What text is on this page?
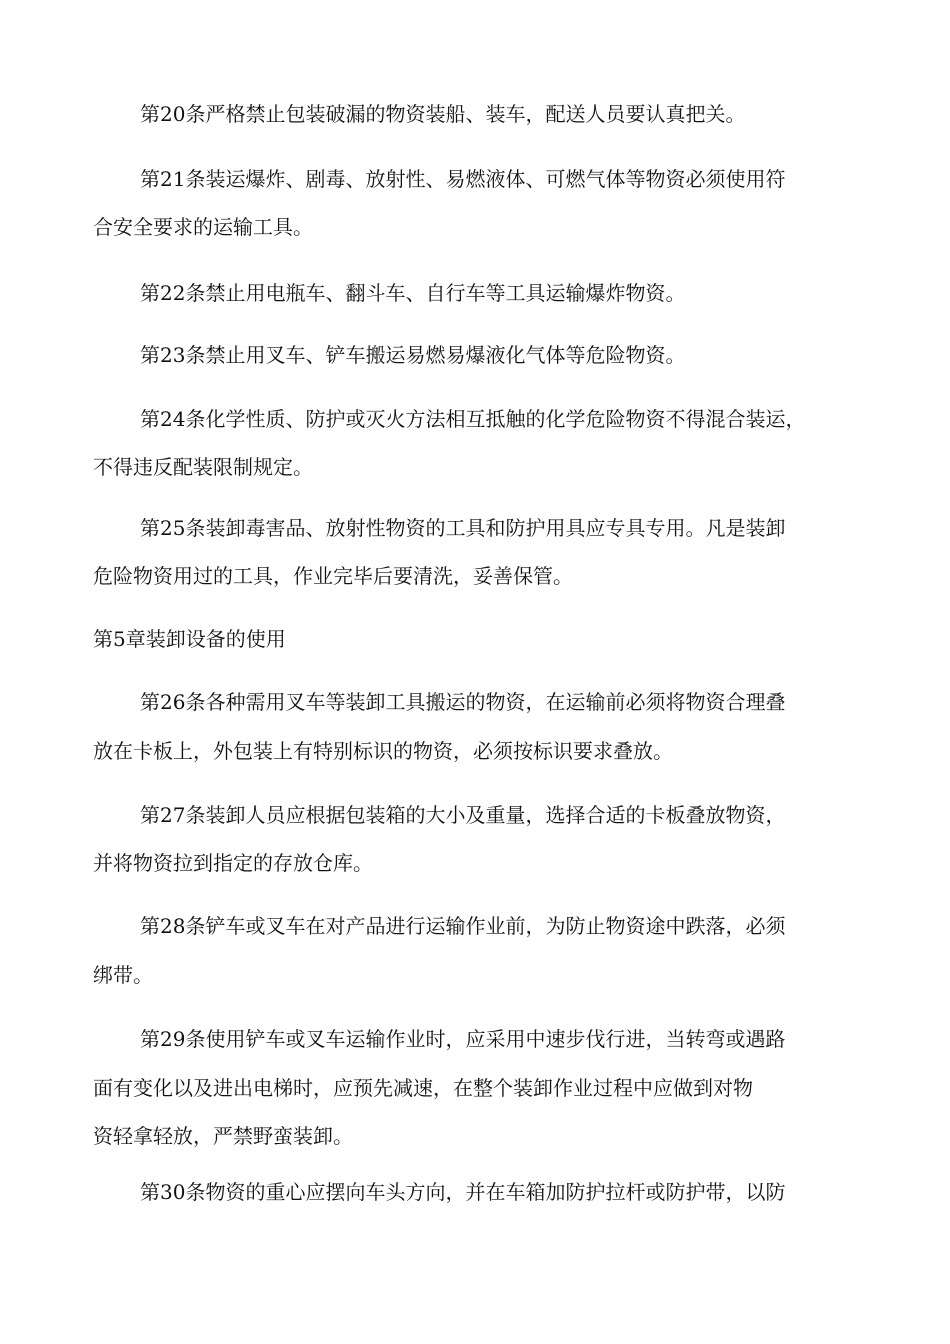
第20条严格禁止包装破漏的物资装船、装车，配送人员要认真把关。
第21条装运爆炸、剧毒、放射性、易燃液体、可燃气体等物资必须使用符
合安全要求的运输工具。
第22条禁止用电瓶车、翻斗车、自行车等工具运输爆炸物资。
第23条禁止用叉车、铲车搬运易燃易爆液化气体等危险物资。
第24条化学性质、防护或灭火方法相互抵触的化学危险物资不得混合装运，
不得违反配装限制规定。
第25条装卸毒害品、放射性物资的工具和防护用具应专具专用。凡是装卸
危险物资用过的工具，作业完毕后要清洗，妥善保管。
第5章装卸设备的使用
第26条各种需用叉车等装卸工具搬运的物资，在运输前必须将物资合理叠
放在卡板上，外包装上有特别标识的物资，必须按标识要求叠放。
第27条装卸人员应根据包装箱的大小及重量，选择合适的卡板叠放物资，
并将物资拉到指定的存放仓库。
第28条铲车或叉车在对产品进行运输作业前，为防止物资途中跌落，必须
绑带。
第29条使用铲车或叉车运输作业时，应采用中速步伐行进，当转弯或遇路
面有变化以及进出电梯时，应预先减速，在整个装卸作业过程中应做到对物
资轻拿轻放，严禁野蛮装卸。
第30条物资的重心应摆向车头方向，并在车箱加防护拉杆或防护带，以防
